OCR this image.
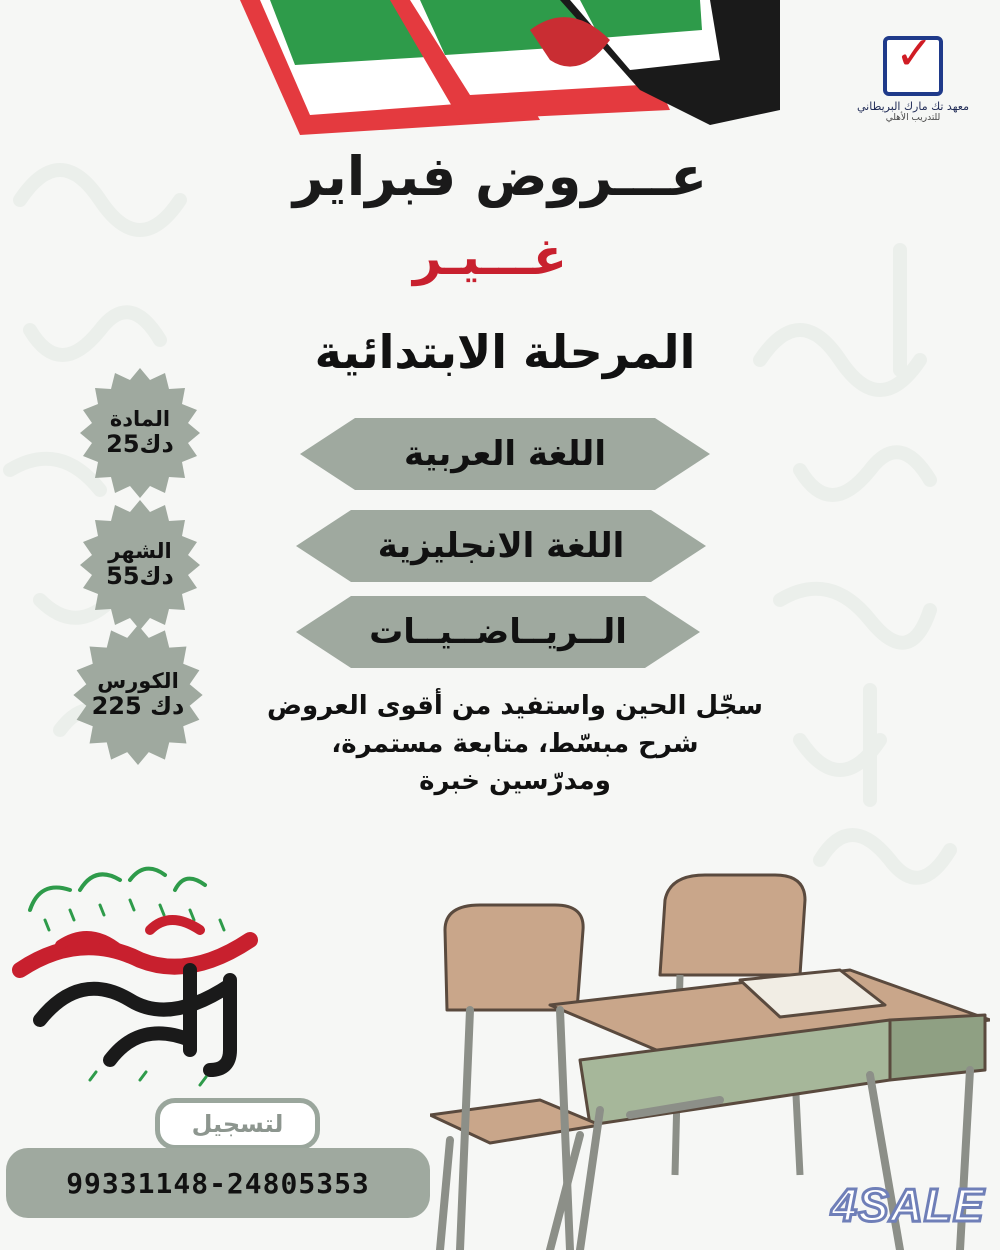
✓
معهد تك مارك البريطاني
للتدريب الأهلي
عـــروض فبراير
غـــيـر
المرحلة الابتدائية
اللغة العربية
اللغة الانجليزية
الــريــاضــيــات
المادة
25دك
الشهر
55دك
الكورس
225 دك	سجّل الحين واستفيد من أقوى العروض
شرح مبسّط، متابعة مستمرة،
ومدرّسين خبرة
لتسجيل
99331148-24805353	4SALE
